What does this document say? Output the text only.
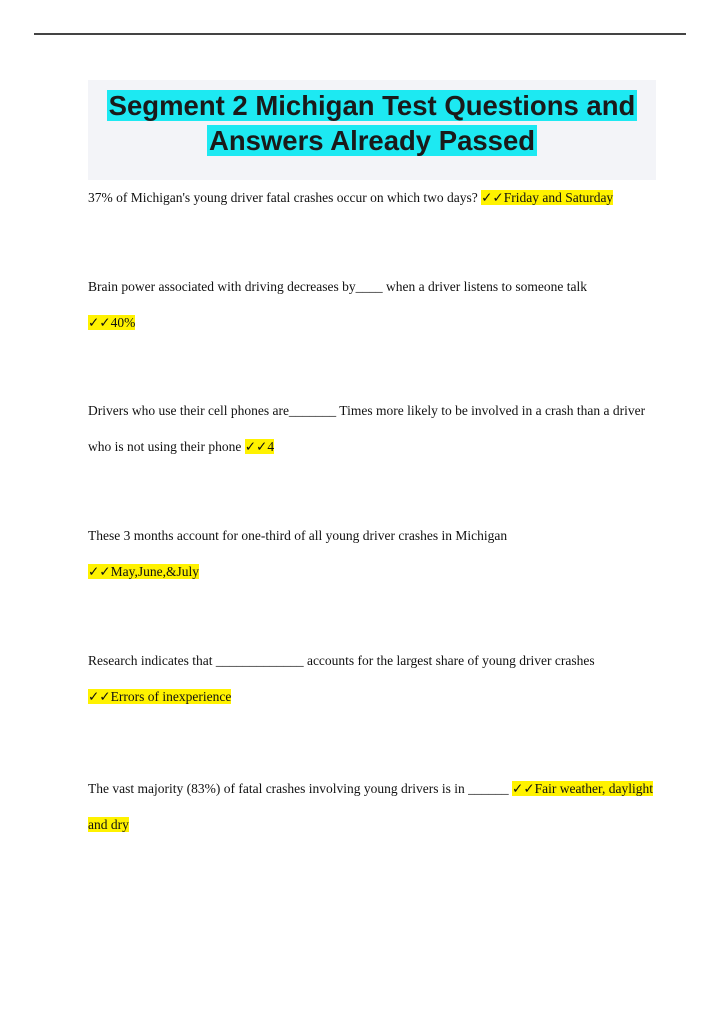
Segment 2 Michigan Test Questions and
Answers Already Passed

37% of Michigan's young driver fatal crashes occur on which two days? ✓✓Friday and Saturday

Brain power associated with driving decreases by____ when a driver listens to someone talk
✓✓40%

Drivers who use their cell phones are_______ Times more likely to be involved in a crash than a driver who is not using their phone ✓✓4

These 3 months account for one-third of all young driver crashes in Michigan
✓✓May,June,&July

Research indicates that _____________ accounts for the largest share of young driver crashes
✓✓Errors of inexperience

The vast majority (83%) of fatal crashes involving young drivers is in ______ ✓✓Fair weather, daylight and dry
